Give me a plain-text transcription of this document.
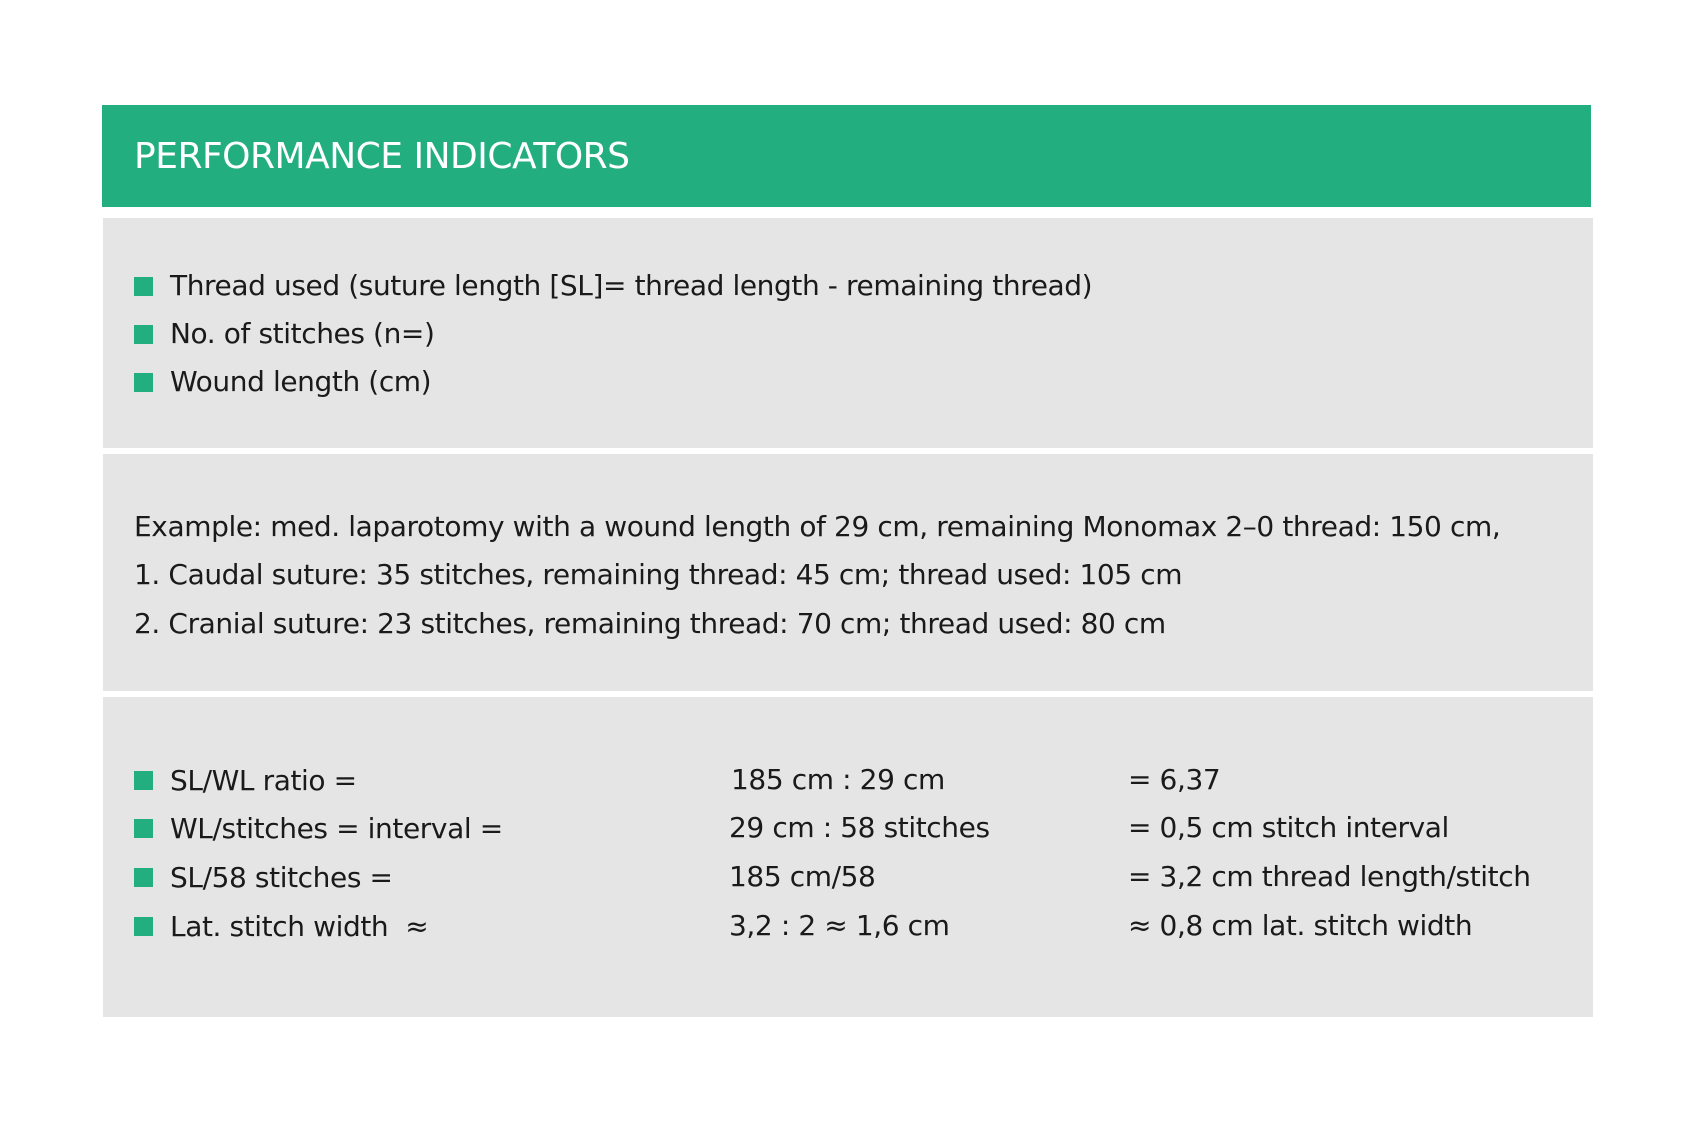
PERFORMANCE INDICATORS
Thread used (suture length [SL]= thread length - remaining thread)
No. of stitches (n=)
Wound length (cm)
Example: med. laparotomy with a wound length of 29 cm, remaining Monomax 2–0 thread: 150 cm,
1. Caudal suture: 35 stitches, remaining thread: 45 cm; thread used: 105 cm
2. Cranial suture: 23 stitches, remaining thread: 70 cm; thread used: 80 cm
SL/WL ratio =	185 cm : 29 cm	= 6,37
WL/stitches = interval =	29 cm : 58 stitches	= 0,5 cm stitch interval
SL/58 stitches =	185 cm/58	= 3,2 cm thread length/stitch
Lat. stitch width  ≈	3,2 : 2 ≈ 1,6 cm	≈ 0,8 cm lat. stitch width
